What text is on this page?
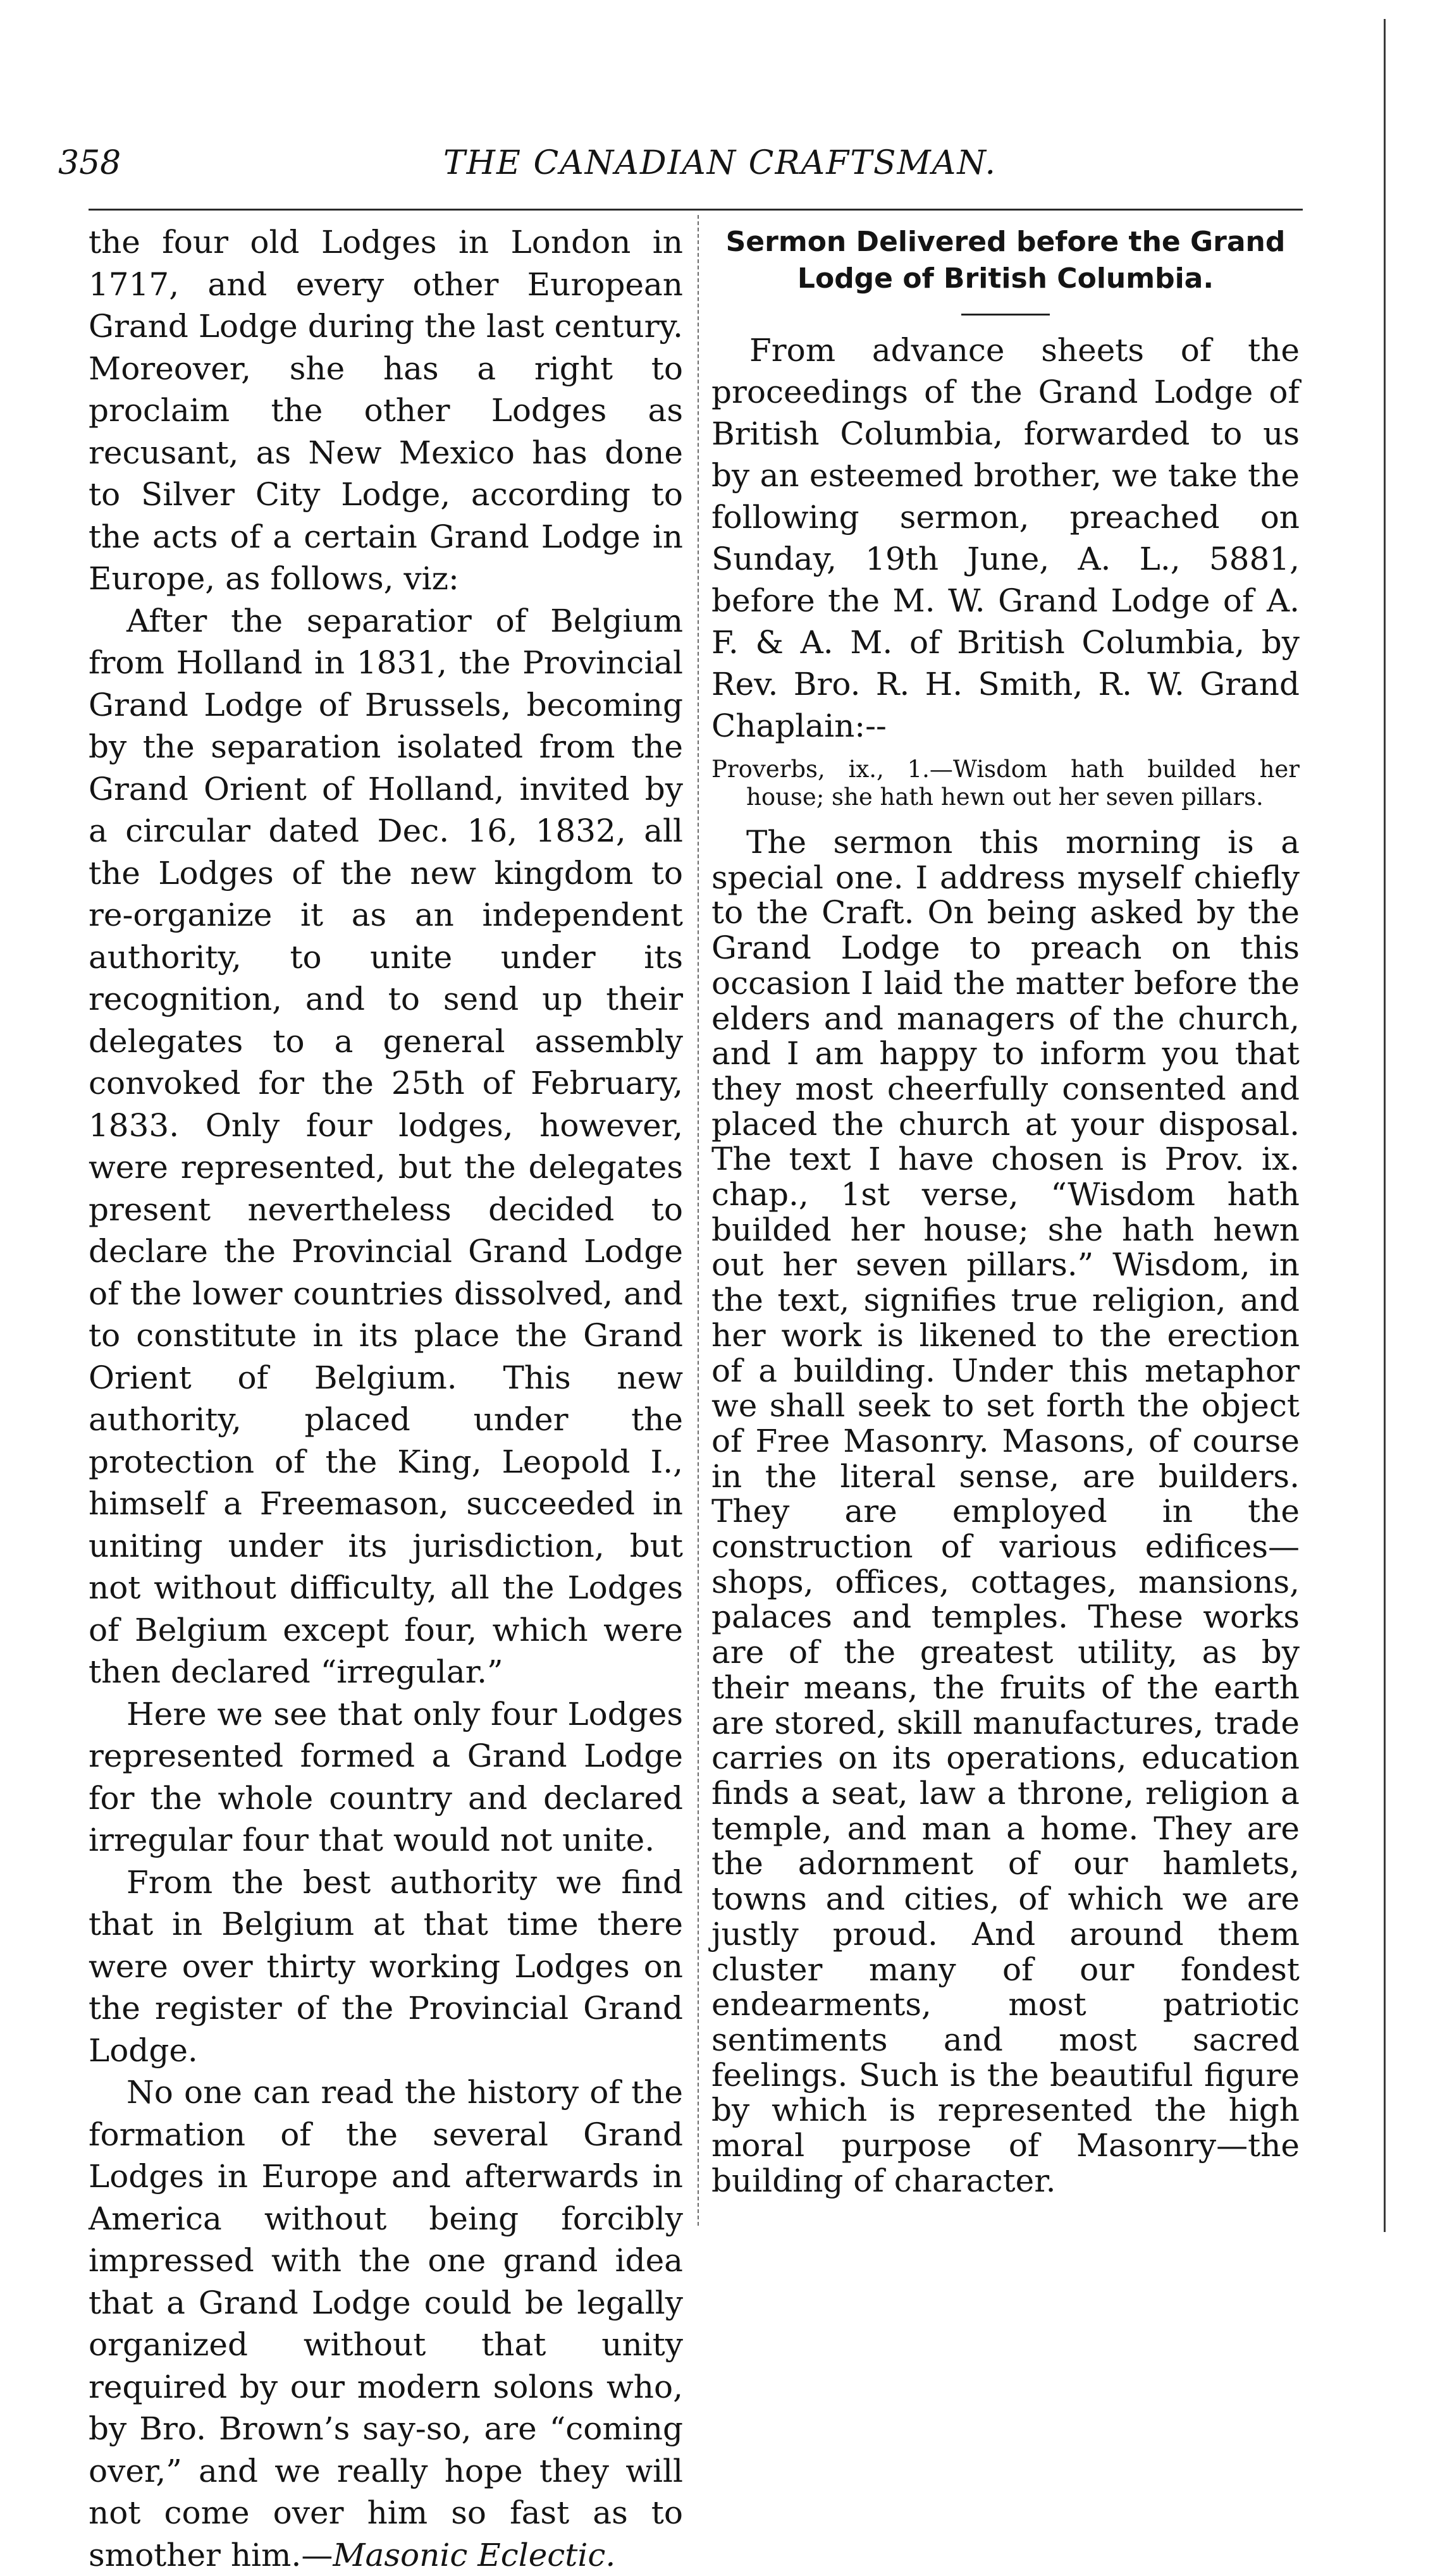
358	THE CANADIAN CRAFTSMAN.

the four old Lodges in London in 1717, and every other European Grand Lodge during the last century. Moreover, she has a right to proclaim the other Lodges as recusant, as New Mexico has done to Silver City Lodge, according to the acts of a certain Grand Lodge in Europe, as follows, viz:

After the separatior of Belgium from Holland in 1831, the Provincial Grand Lodge of Brussels, becoming by the separation isolated from the Grand Orient of Holland, invited by a circular dated Dec. 16, 1832, all the Lodges of the new kingdom to re-organize it as an independent authority, to unite under its recognition, and to send up their delegates to a general assembly convoked for the 25th of February, 1833. Only four lodges, however, were represented, but the delegates present nevertheless decided to declare the Provincial Grand Lodge of the lower countries dissolved, and to constitute in its place the Grand Orient of Belgium. This new authority, placed under the protection of the King, Leopold I., himself a Freemason, succeeded in uniting under its jurisdiction, but not without difficulty, all the Lodges of Belgium except four, which were then declared “irregular.”

Here we see that only four Lodges represented formed a Grand Lodge for the whole country and declared irregular four that would not unite.

From the best authority we find that in Belgium at that time there were over thirty working Lodges on the register of the Provincial Grand Lodge.

No one can read the history of the formation of the several Grand Lodges in Europe and afterwards in America without being forcibly impressed with the one grand idea that a Grand Lodge could be legally organized without that unity required by our modern solons who, by Bro. Brown’s say-so, are “coming over,” and we really hope they will not come over him so fast as to smother him.—Masonic Eclectic.

Sermon Delivered before the Grand
Lodge of British Columbia.

From advance sheets of the proceedings of the Grand Lodge of British Columbia, forwarded to us by an esteemed brother, we take the following sermon, preached on Sunday, 19th June, A. L., 5881, before the M. W. Grand Lodge of A. F. & A. M. of British Columbia, by Rev. Bro. R. H. Smith, R. W. Grand Chaplain:--

Proverbs, ix., 1.—Wisdom hath builded her house; she hath hewn out her seven pillars.

The sermon this morning is a special one. I address myself chiefly to the Craft. On being asked by the Grand Lodge to preach on this occasion I laid the matter before the elders and managers of the church, and I am happy to inform you that they most cheerfully consented and placed the church at your disposal. The text I have chosen is Prov. ix. chap., 1st verse, “Wisdom hath builded her house; she hath hewn out her seven pillars.” Wisdom, in the text, signifies true religion, and her work is likened to the erection of a building. Under this metaphor we shall seek to set forth the object of Free Masonry. Masons, of course in the literal sense, are builders. They are employed in the construction of various edifices—shops, offices, cottages, mansions, palaces and temples. These works are of the greatest utility, as by their means, the fruits of the earth are stored, skill manufactures, trade carries on its operations, education finds a seat, law a throne, religion a temple, and man a home. They are the adornment of our hamlets, towns and cities, of which we are justly proud. And around them cluster many of our fondest endearments, most patriotic sentiments and most sacred feelings. Such is the beautiful figure by which is represented the high moral purpose of Masonry—the building of character.
